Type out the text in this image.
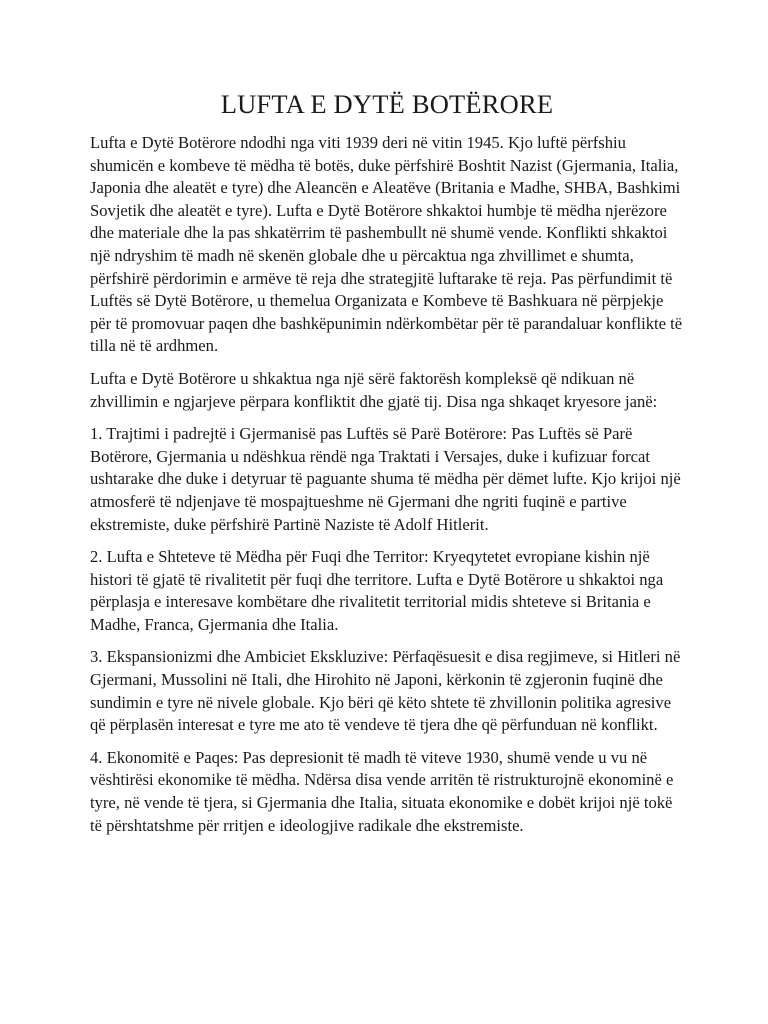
LUFTA E DYTË BOTËRORE

Lufta e Dytë Botërore ndodhi nga viti 1939 deri në vitin 1945. Kjo luftë përfshiu shumicën e kombeve të mëdha të botës, duke përfshirë Boshtit Nazist (Gjermania, Italia, Japonia dhe aleatët e tyre) dhe Aleancën e Aleatëve (Britania e Madhe, SHBA, Bashkimi Sovjetik dhe aleatët e tyre). Lufta e Dytë Botërore shkaktoi humbje të mëdha njerëzore dhe materiale dhe la pas shkatërrim të pashembullt në shumë vende. Konflikti shkaktoi një ndryshim të madh në skenën globale dhe u përcaktua nga zhvillimet e shumta, përfshirë përdorimin e armëve të reja dhe strategjitë luftarake të reja. Pas përfundimit të Luftës së Dytë Botërore, u themelua Organizata e Kombeve të Bashkuara në përpjekje për të promovuar paqen dhe bashkëpunimin ndërkombëtar për të parandaluar konflikte të tilla në të ardhmen.

Lufta e Dytë Botërore u shkaktua nga një sërë faktorësh kompleksë që ndikuan në zhvillimin e ngjarjeve përpara konfliktit dhe gjatë tij. Disa nga shkaqet kryesore janë:

1. Trajtimi i padrejtë i Gjermanisë pas Luftës së Parë Botërore: Pas Luftës së Parë Botërore, Gjermania u ndëshkua rëndë nga Traktati i Versajes, duke i kufizuar forcat ushtarake dhe duke i detyruar të paguante shuma të mëdha për dëmet lufte. Kjo krijoi një atmosferë të ndjenjave të mospajtueshme në Gjermani dhe ngriti fuqinë e partive ekstremiste, duke përfshirë Partinë Naziste të Adolf Hitlerit.

2. Lufta e Shteteve të Mëdha për Fuqi dhe Territor: Kryeqytetet evropiane kishin një histori të gjatë të rivalitetit për fuqi dhe territore. Lufta e Dytë Botërore u shkaktoi nga përplasja e interesave kombëtare dhe rivalitetit territorial midis shteteve si Britania e Madhe, Franca, Gjermania dhe Italia.

3. Ekspansionizmi dhe Ambiciet Ekskluzive: Përfaqësuesit e disa regjimeve, si Hitleri në Gjermani, Mussolini në Itali, dhe Hirohito në Japoni, kërkonin të zgjeronin fuqinë dhe sundimin e tyre në nivele globale. Kjo bëri që këto shtete të zhvillonin politika agresive që përplasën interesat e tyre me ato të vendeve të tjera dhe që përfunduan në konflikt.

4. Ekonomitë e Paqes: Pas depresionit të madh të viteve 1930, shumë vende u vu në vështirësi ekonomike të mëdha. Ndërsa disa vende arritën të ristrukturojnë ekonominë e tyre, në vende të tjera, si Gjermania dhe Italia, situata ekonomike e dobët krijoi një tokë të përshtatshme për rritjen e ideologjive radikale dhe ekstremiste.
